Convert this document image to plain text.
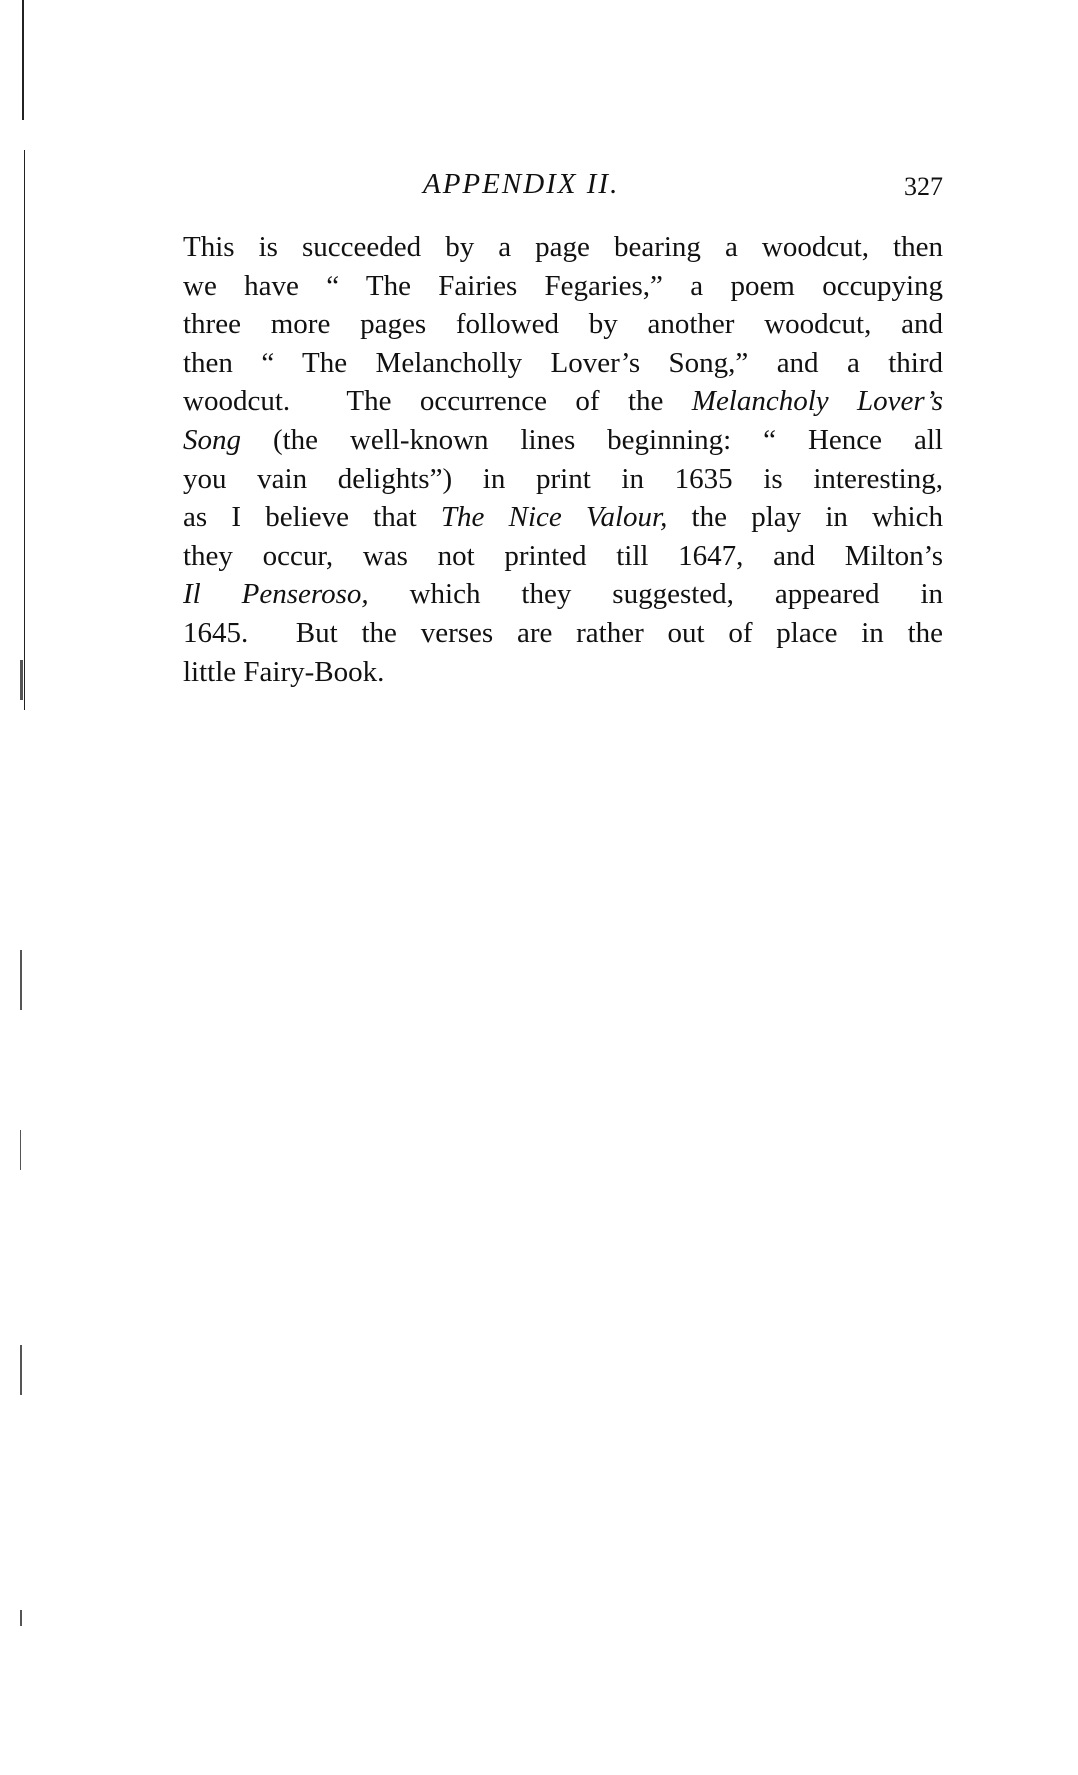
APPENDIX II.	327
This is succeeded by a page bearing a woodcut, then
we have “ The Fairies Fegaries,” a poem occupying
three more pages followed by another woodcut, and
then “ The Melancholly Lover’s Song,” and a third
woodcut.  The occurrence of the Melancholy Lover’s
Song (the well-known lines beginning: “ Hence all
you vain delights”) in print in 1635 is interesting,
as I believe that The Nice Valour, the play in which
they occur, was not printed till 1647, and Milton’s
Il Penseroso, which they suggested, appeared in
1645.  But the verses are rather out of place in the
little Fairy-Book.
